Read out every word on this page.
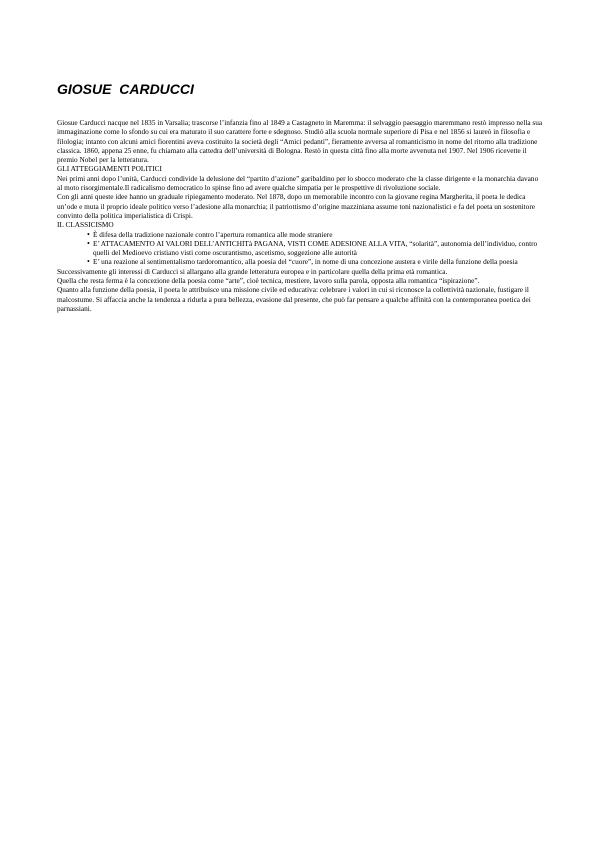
GIOSUE  CARDUCCI

Giosue Carducci nacque nel 1835 in Varsalia; trascorse l’infanzia fino al 1849 a Castagneto in Maremma: il selvaggio paesaggio maremmano restò impresso nella sua immaginazione come lo sfondo su cui era maturato il suo carattere forte e sdegnoso. Studiò alla scuola normale superiore di Pisa e nel 1856 si laureò in filosofia e filologia; intanto con alcuni amici fiorentini aveva costituito la società degli “Amici pedanti”, fieramente avversa al romanticismo in nome del ritorno alla tradizione classica. 1860, appena 25 enne, fu chiamato alla cattedra dell’università di Bologna. Restò in questa città fino alla morte avvenuta nel 1907. Nel 1906 ricevette il premio Nobel per la letteratura.

GLI ATTEGGIAMENTI POLITICI

Nei primi anni dopo l’unità, Carducci condivide la delusione del “partito d’azione” garibaldino per lo sbocco moderato che la classe dirigente e la monarchia davano al moto risorgimentale.Il radicalismo democratico lo spinse fino ad avere qualche simpatia per le prospettive di rivoluzione sociale.

Con gli anni queste idee hanno un graduale ripiegamento moderato. Nel 1878, dopo un memorabile incontro con la giovane regina Margherita, il poeta le dedica un’ode e muta il proprio ideale politico verso l’adesione alla monarchia; il patriottismo d’origine mazziniana assume toni nazionalistici e fa del poeta un sostenitore convinto della politica imperialistica di Crispi.

IL CLASSICISMO

È difesa della tradizione nazionale contro l’apertura romantica alle mode straniere
E’ ATTACAMENTO AI VALORI DELL’ANTICHITà PAGANA, VISTI COME ADESIONE ALLA VITA, “solarità”, autonomia dell’individuo, contro quelli del Medioevo cristiano visti come oscurantismo, ascetismo, soggezione alle autorità
E’ una reazione al sentimentalismo tardoromantico, alla poesia del “cuore”, in nome di una concezione austera e virile della funzione della poesia

Successivamente gli interessi di Carducci si allargano alla grande letteratura europea e in particolare quella della prima età romantica.

Quella che resta ferma è la concezione della poesia come “arte”, cioè tecnica, mestiere, lavoro sulla parola, opposta alla romantica “ispirazione”.

Quanto alla funzione della poesia, il poeta le attribuisce una missione civile ed educativa: celebrare i valori in cui si riconosce la collettività nazionale, fustigare il malcostume. Si affaccia anche la tendenza a ridurla a pura bellezza, evasione dal presente, che può far pensare a qualche affinità con la contemporanea poetica dei parnassiani.
